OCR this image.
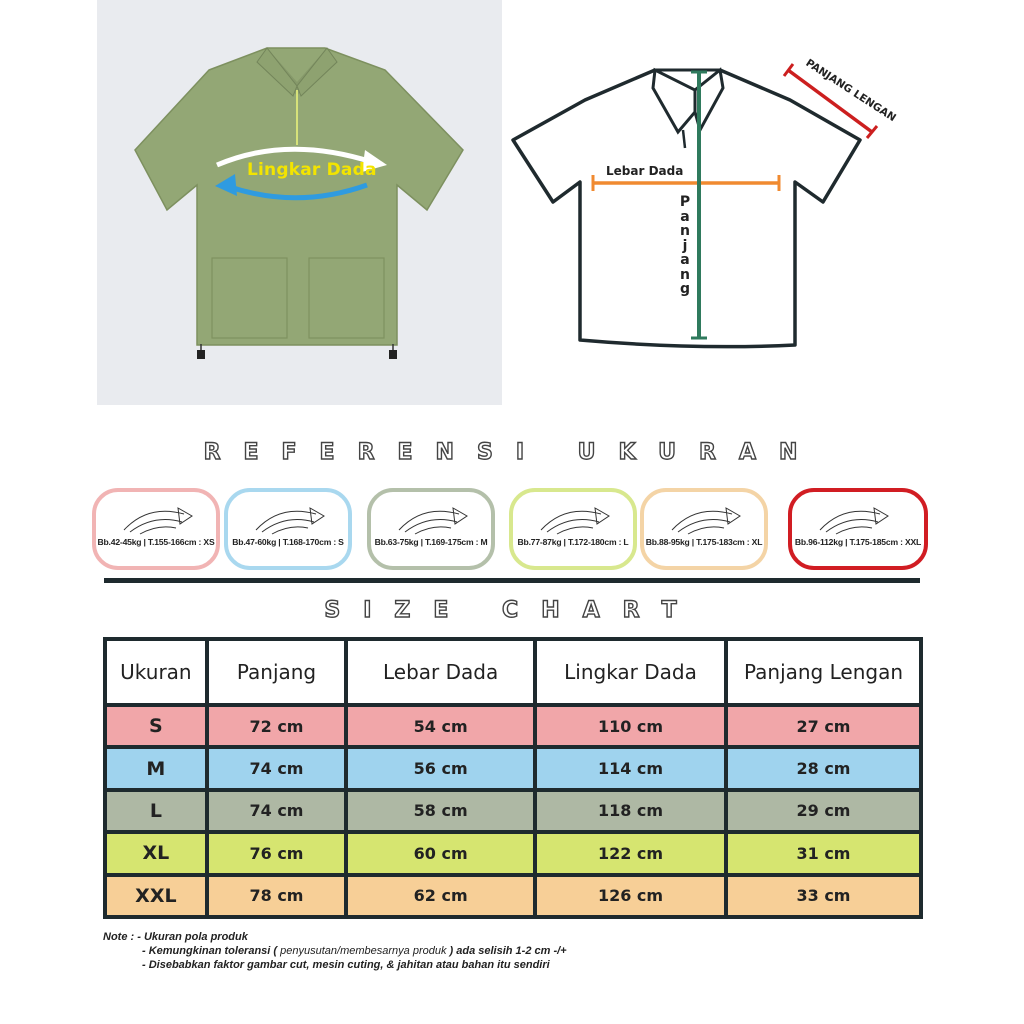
Lingkar Dada	Lebar Dada
P
a
n
j
a
n
g
PANJANG LENGAN
REFERENSI UKURAN
Bb.42-45kg | T.155-166cm : XS	Bb.47-60kg | T.168-170cm : S	Bb.63-75kg | T.169-175cm : M	Bb.77-87kg | T.172-180cm : L	Bb.88-95kg | T.175-183cm : XL	Bb.96-112kg | T.175-185cm : XXL
SIZE CHART
Ukuran	Panjang	Lebar Dada	Lingkar Dada	Panjang Lengan
S	72 cm	54 cm	110 cm	27 cm
M	74 cm	56 cm	114 cm	28 cm
L	74 cm	58 cm	118 cm	29 cm
XL	76 cm	60 cm	122 cm	31 cm
XXL	78 cm	62 cm	126 cm	33 cm
Note : - Ukuran pola produk
- Kemungkinan toleransi ( penyusutan/membesarnya produk ) ada selisih 1-2 cm -/+
- Disebabkan faktor gambar cut, mesin cuting, & jahitan atau bahan itu sendiri
